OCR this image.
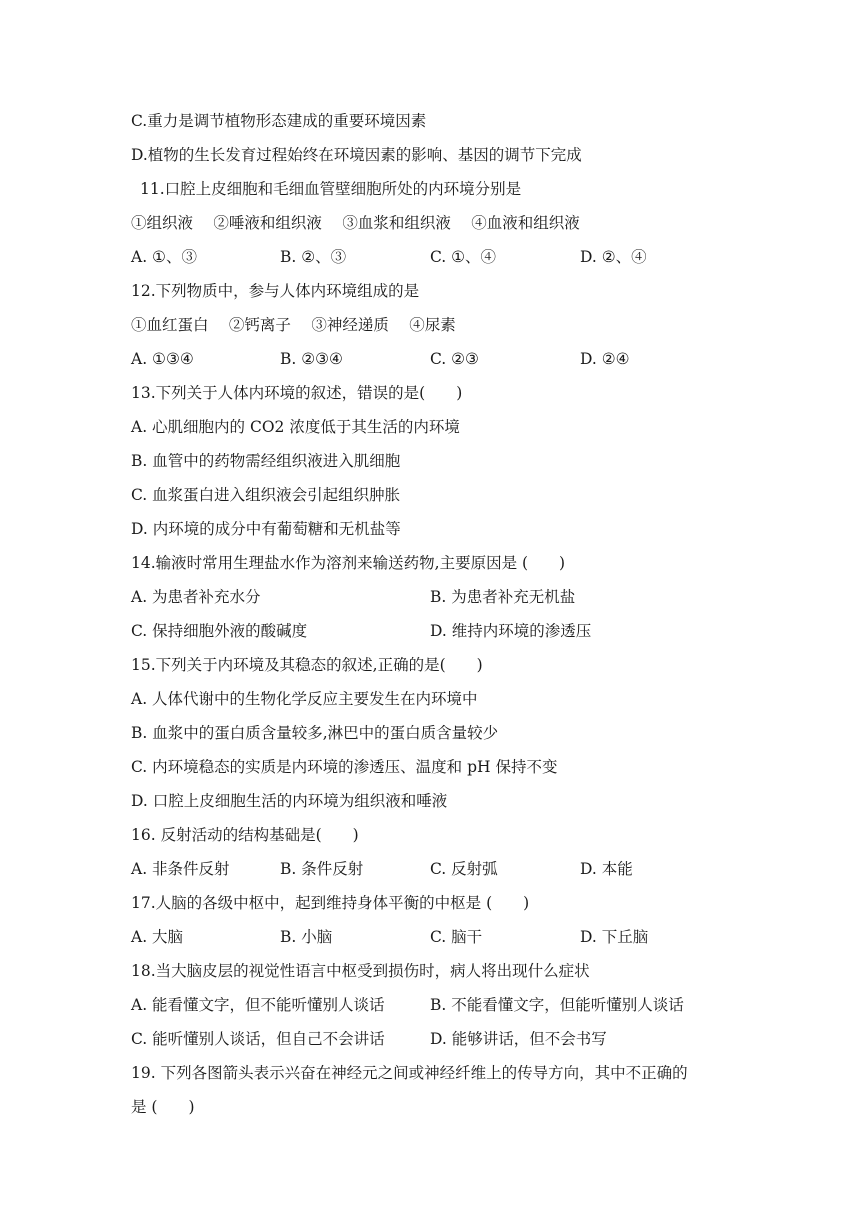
C.重力是调节植物形态建成的重要环境因素
D.植物的生长发育过程始终在环境因素的影响、基因的调节下完成
11.口腔上皮细胞和毛细血管壁细胞所处的内环境分别是
①组织液　 ②唾液和组织液　 ③血浆和组织液　 ④血液和组织液
A. ①、③	B. ②、③	C. ①、④	D. ②、④
12.下列物质中，参与人体内环境组成的是
①血红蛋白　 ②钙离子　 ③神经递质　 ④尿素
A. ①③④	B. ②③④	C. ②③	D. ②④
13.下列关于人体内环境的叙述，错误的是(　　)
A. 心肌细胞内的 CO2 浓度低于其生活的内环境
B. 血管中的药物需经组织液进入肌细胞
C. 血浆蛋白进入组织液会引起组织肿胀
D. 内环境的成分中有葡萄糖和无机盐等
14.输液时常用生理盐水作为溶剂来输送药物,主要原因是 (　　)
A. 为患者补充水分	B. 为患者补充无机盐
C. 保持细胞外液的酸碱度	D. 维持内环境的渗透压
15.下列关于内环境及其稳态的叙述,正确的是(　　)
A. 人体代谢中的生物化学反应主要发生在内环境中
B. 血浆中的蛋白质含量较多,淋巴中的蛋白质含量较少
C. 内环境稳态的实质是内环境的渗透压、温度和 pH 保持不变
D. 口腔上皮细胞生活的内环境为组织液和唾液
16. 反射活动的结构基础是(　　)
A. 非条件反射	B. 条件反射	C. 反射弧	D. 本能
17.人脑的各级中枢中，起到维持身体平衡的中枢是 (　　)
A. 大脑	B. 小脑	C. 脑干	D. 下丘脑
18.当大脑皮层的视觉性语言中枢受到损伤时，病人将出现什么症状
A. 能看懂文字，但不能听懂别人谈话	B. 不能看懂文字，但能听懂别人谈话
C. 能听懂别人谈话，但自己不会讲话	D. 能够讲话，但不会书写
19. 下列各图箭头表示兴奋在神经元之间或神经纤维上的传导方向，其中不正确的
是 (　　)
